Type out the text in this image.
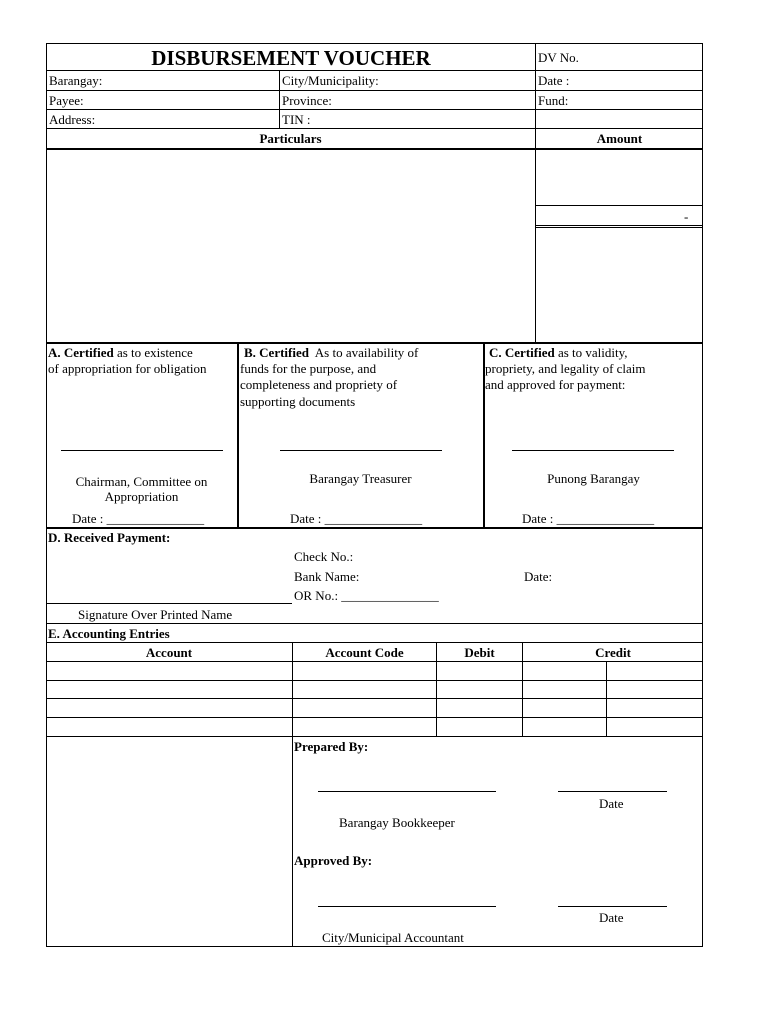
DISBURSEMENT VOUCHER	DV No.
Barangay:	City/Municipality:	Date :
Payee:	Province:	Fund:
Address:	TIN :
Particulars	Amount
-
A. Certified as to existence
of appropriation for obligation
Chairman, Committee on
Appropriation
Date : _______________
B. Certified  As to availability of
funds for the purpose, and
completeness and propriety of
supporting documents
Barangay Treasurer
Date : _______________
C. Certified as to validity,
propriety, and legality of claim
and approved for payment:
Punong Barangay
Date : _______________
D. Received Payment:
Check No.:
Bank Name:	Date:
OR No.: _______________
Signature Over Printed Name
E. Accounting Entries
Account	Account Code	Debit	Credit
Prepared By:
Date
Barangay Bookkeeper
Approved By:
Date
City/Municipal Accountant
